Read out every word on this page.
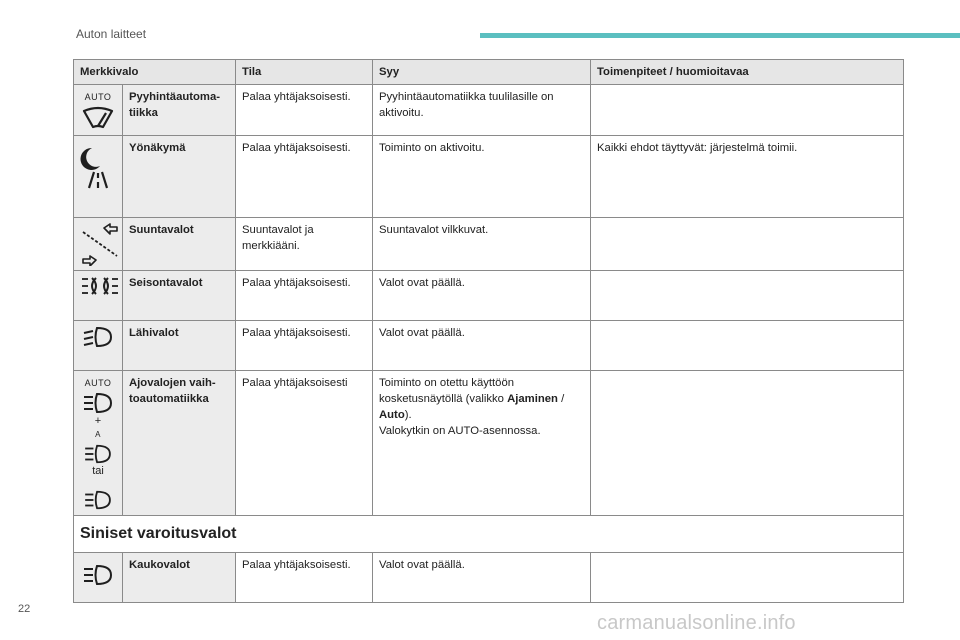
Auton laitteet
Merkkivalo		Tila	Syy	Toimenpiteet / huomioitavaa

AUTO	Pyyhintäautoma-tiikka	Palaa yhtäjaksoisesti.	Pyyhintäautomatiikka tuulilasille on aktivoitu.	

	Yönäkymä	Palaa yhtäjaksoisesti.	Toiminto on aktivoitu.	Kaikki ehdot täyttyvät: järjestelmä toimii.

	Suuntavalot	Suuntavalot ja merkkiääni.	Suuntavalot vilkkuvat.	

	Seisontavalot	Palaa yhtäjaksoisesti.	Valot ovat päällä.	

	Lähivalot	Palaa yhtäjaksoisesti.	Valot ovat päällä.	

AUTO
+
A
tai	Ajovalojen vaih-toautomatiikka	Palaa yhtäjaksoisesti	Toiminto on otettu käyttöön kosketusnäytöllä (valikko Ajaminen / Auto).
Valokytkin on AUTO-asennossa.	
Siniset varoitusvalot				

	Kaukovalot	Palaa yhtäjaksoisesti.	Valot ovat päällä.	
22
carmanualsonline.info
